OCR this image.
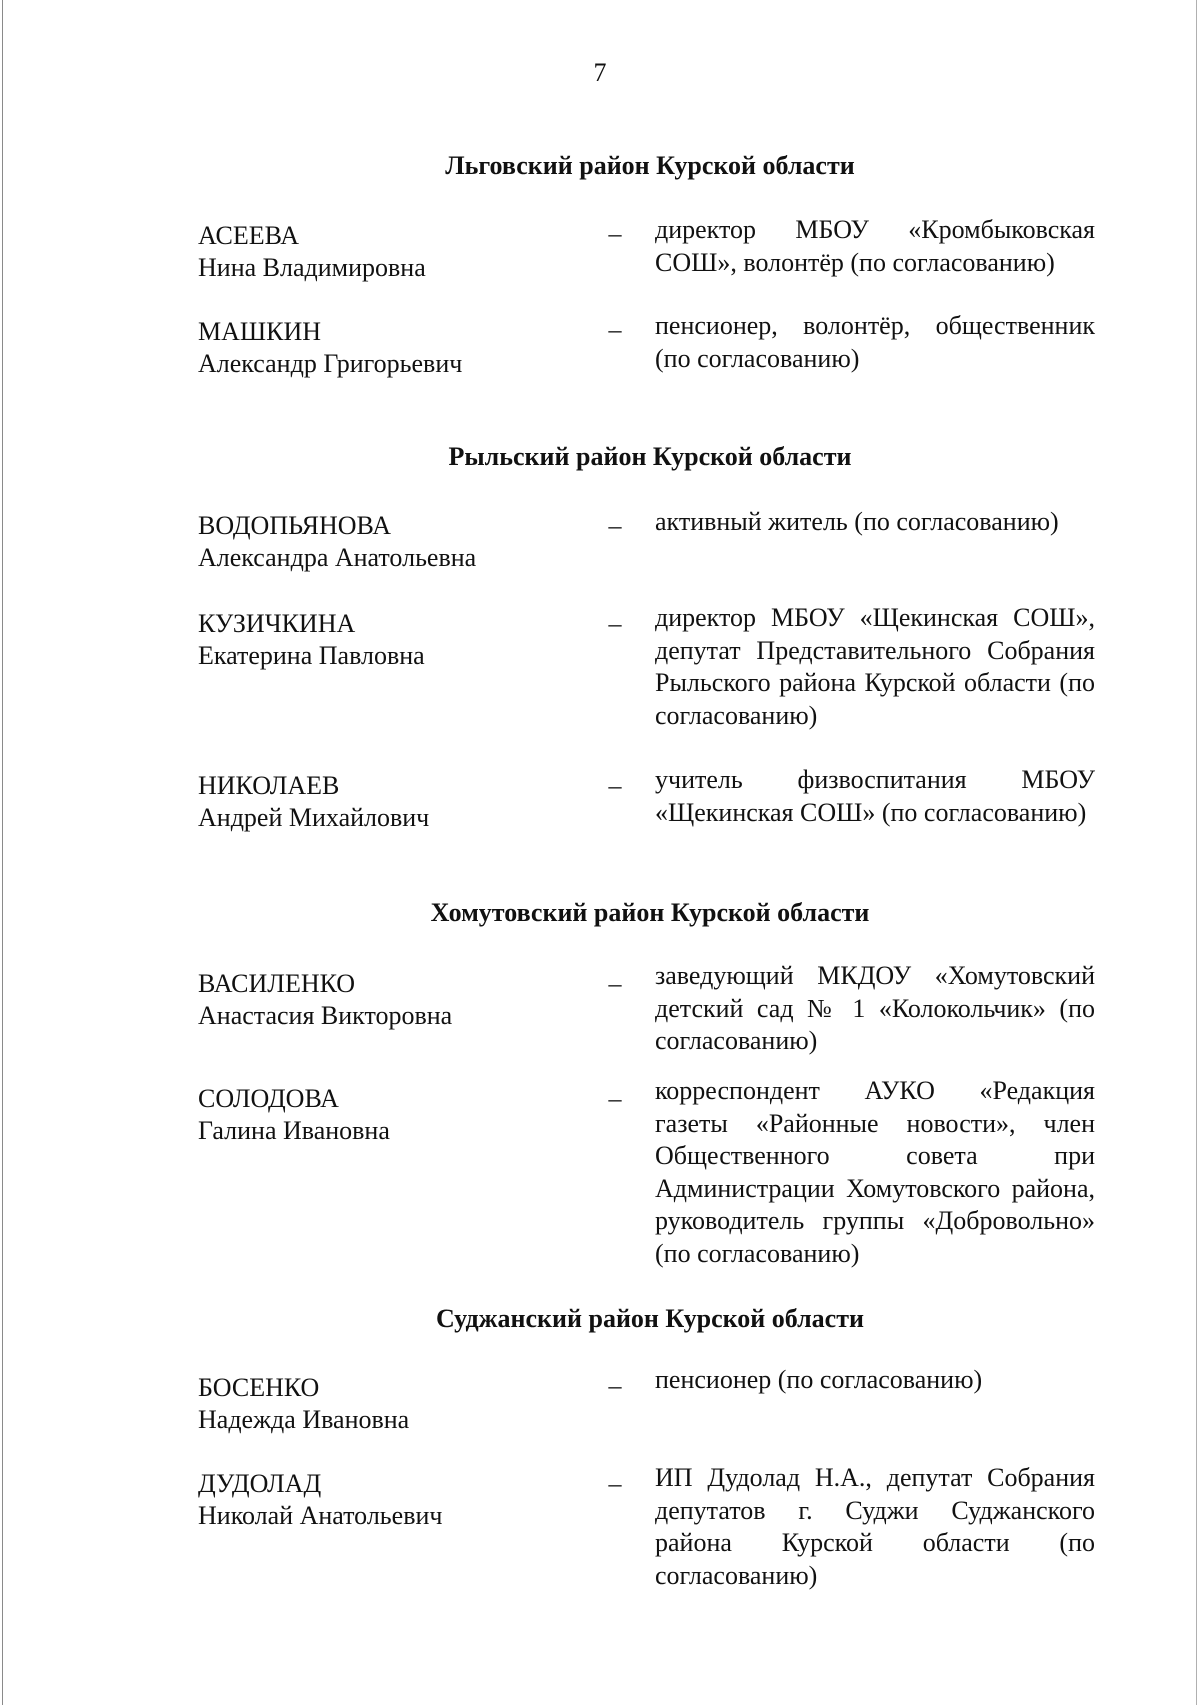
7
Льговский район Курской области
АСЕЕВА
Нина Владимировна
– директор МБОУ «Кромбыковская СОШ», волонтёр (по согласованию)
МАШКИН
Александр Григорьевич
– пенсионер, волонтёр, общественник (по согласованию)
Рыльский район Курской области
ВОДОПЬЯНОВА
Александра Анатольевна
– активный житель (по согласованию)
КУЗИЧКИНА
Екатерина Павловна
– директор МБОУ «Щекинская СОШ», депутат Представительного Собрания Рыльского района Курской области (по согласованию)
НИКОЛАЕВ
Андрей Михайлович
– учитель физвоспитания МБОУ «Щекинская СОШ» (по согласованию)
Хомутовский район Курской области
ВАСИЛЕНКО
Анастасия Викторовна
– заведующий МКДОУ «Хомутовский детский сад № 1 «Колокольчик» (по согласованию)
СОЛОДОВА
Галина Ивановна
– корреспондент АУКО «Редакция газеты «Районные новости», член Общественного совета при Администрации Хомутовского района, руководитель группы «Добровольно» (по согласованию)
Суджанский район Курской области
БОСЕНКО
Надежда Ивановна
– пенсионер (по согласованию)
ДУДОЛАД
Николай Анатольевич
– ИП Дудолад Н.А., депутат Собрания депутатов г. Суджи Суджанского района Курской области (по согласованию)
